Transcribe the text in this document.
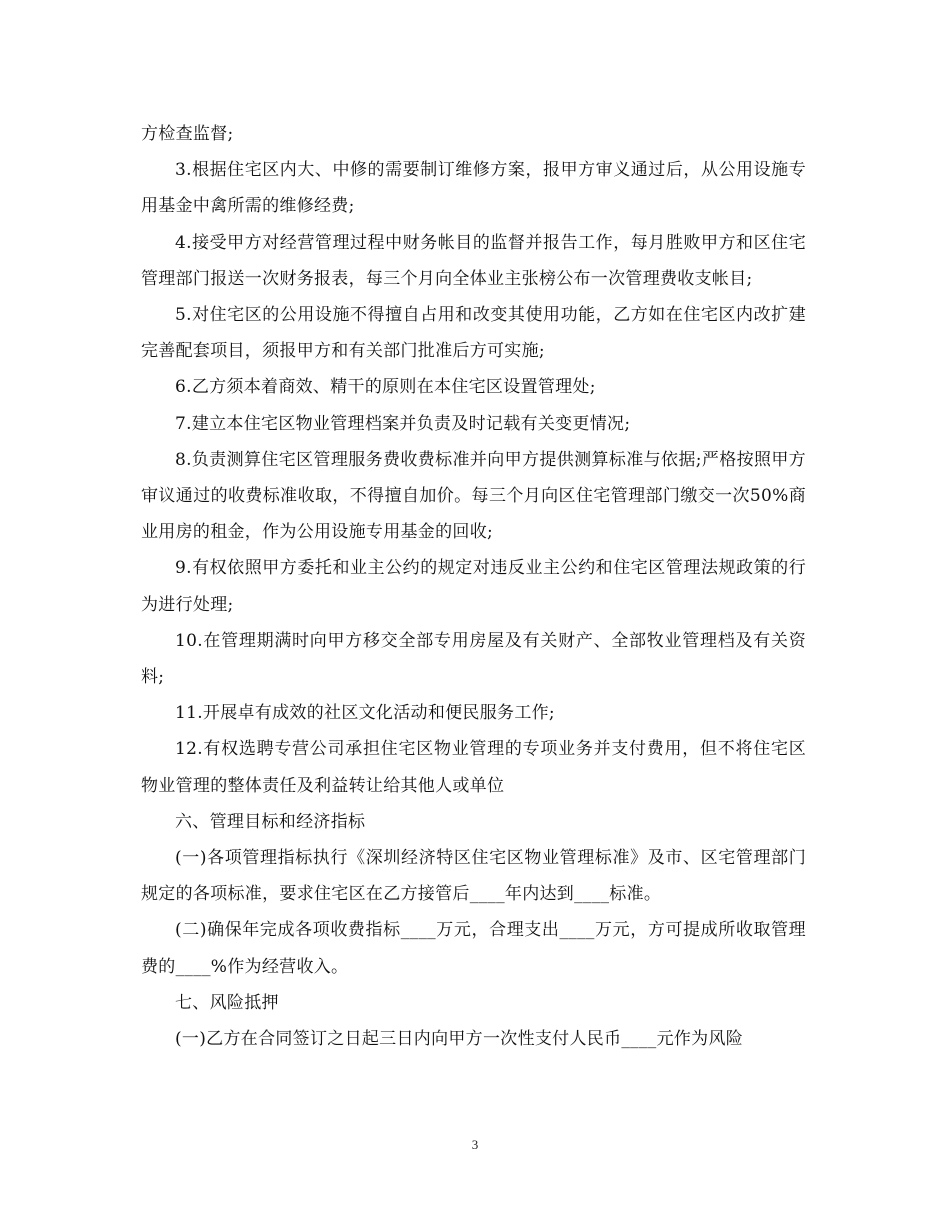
方检查监督;

3.根据住宅区内大、中修的需要制订维修方案，报甲方审义通过后，从公用设施专用基金中禽所需的维修经费;

4.接受甲方对经营管理过程中财务帐目的监督并报告工作，每月胜败甲方和区住宅管理部门报送一次财务报表，每三个月向全体业主张榜公布一次管理费收支帐目;

5.对住宅区的公用设施不得擅自占用和改变其使用功能，乙方如在住宅区内改扩建完善配套项目，须报甲方和有关部门批准后方可实施;

6.乙方须本着商效、精干的原则在本住宅区设置管理处;

7.建立本住宅区物业管理档案并负责及时记载有关变更情况;

8.负责测算住宅区管理服务费收费标准并向甲方提供测算标准与依据;严格按照甲方审议通过的收费标准收取，不得擅自加价。每三个月向区住宅管理部门缴交一次50%商业用房的租金，作为公用设施专用基金的回收;

9.有权依照甲方委托和业主公约的规定对违反业主公约和住宅区管理法规政策的行为进行处理;

10.在管理期满时向甲方移交全部专用房屋及有关财产、全部牧业管理档及有关资料;

11.开展卓有成效的社区文化活动和便民服务工作;

12.有权选聘专营公司承担住宅区物业管理的专项业务并支付费用，但不将住宅区物业管理的整体责任及利益转让给其他人或单位

六、管理目标和经济指标

(一)各项管理指标执行《深圳经济特区住宅区物业管理标准》及市、区宅管理部门规定的各项标准，要求住宅区在乙方接管后____年内达到____标准。

(二)确保年完成各项收费指标____万元，合理支出____万元，方可提成所收取管理费的____%作为经营收入。

七、风险抵押

(一)乙方在合同签订之日起三日内向甲方一次性支付人民币____元作为风险

3
